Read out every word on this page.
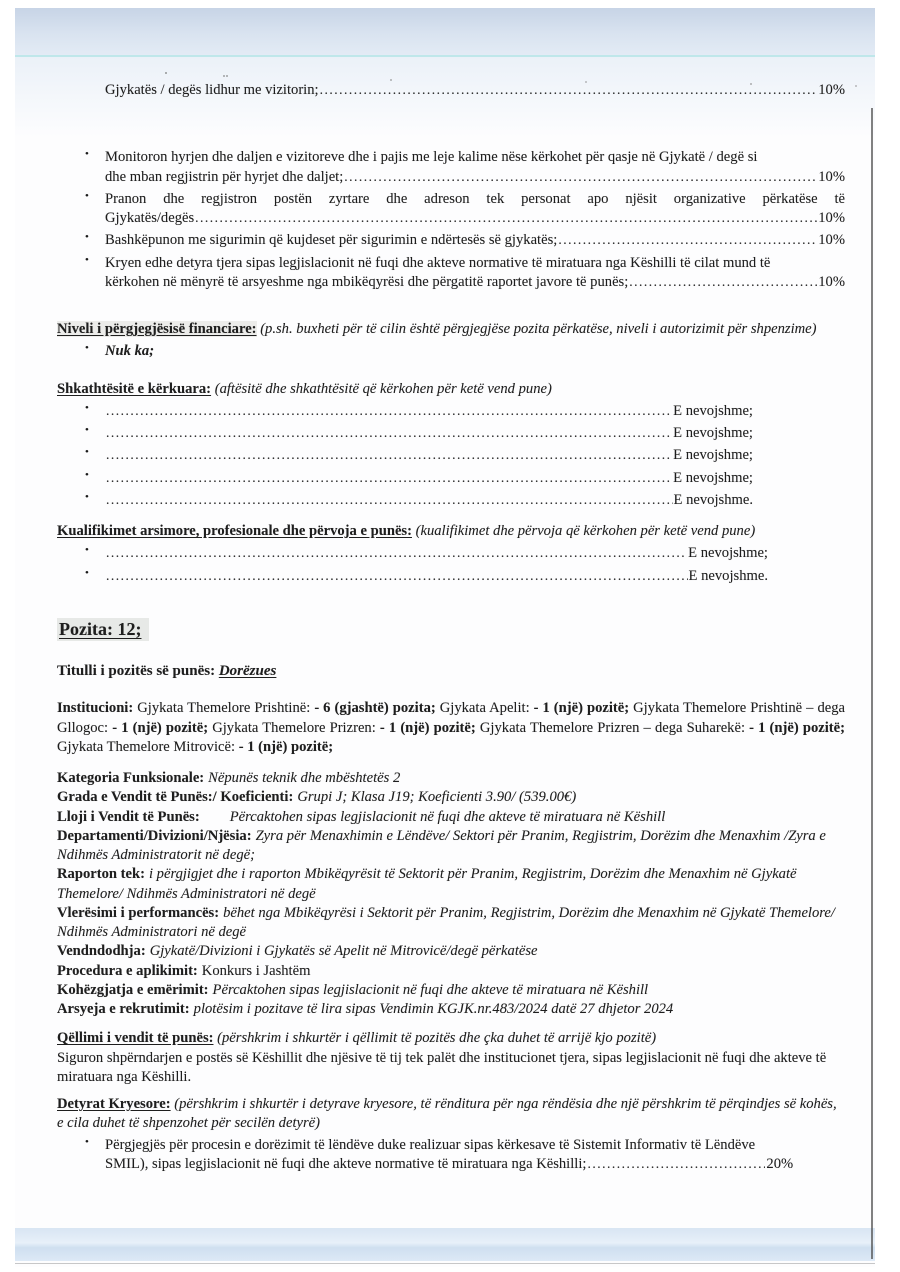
Gjykatës / degës lidhur me vizitorin; .....	10%
•	Monitoron hyrjen dhe daljen e vizitoreve dhe i pajis me leje kalime nëse kërkohet për qasje në Gjykatë / degë si
dhe mban regjistrin për hyrjet dhe daljet; .....	10%
•	Pranon dhe regjistron postën zyrtare dhe adreson tek personat apo njësit organizative përkatëse të
Gjykatës/degës .....	10%
•	Bashkëpunon me sigurimin që kujdeset për sigurimin e ndërtesës së gjykatës; .....	10%
•	Kryen edhe detyra tjera sipas legjislacionit në fuqi dhe akteve normative të miratuara nga Këshilli të cilat mund të
kërkohen në mënyrë të arsyeshme nga mbikëqyrësi dhe përgatitë raportet javore të punës; .....	10%

Niveli i përgjegjësisë financiare: (p.sh. buxheti për të cilin është përgjegjëse pozita përkatëse, niveli i autorizimit për shpenzime)

•	Nuk ka;

Shkathtësitë e kërkuara: (aftësitë dhe shkathtësitë që kërkohen për ketë vend pune)

• .....	E nevojshme;
• .....	E nevojshme;
• .....	E nevojshme;
• .....	E nevojshme;
• .....	E nevojshme.

Kualifikimet arsimore, profesionale dhe përvoja e punës: (kualifikimet dhe përvoja që kërkohen për ketë vend pune)

• .....	E nevojshme;
• .....	E nevojshme.

Pozita: 12;

Titulli i pozitës së punës: Dorëzues

Institucioni: Gjykata Themelore Prishtinë: - 6 (gjashtë) pozita; Gjykata Apelit: - 1 (një) pozitë; Gjykata Themelore Prishtinë – dega Gllogoc: - 1 (një) pozitë; Gjykata Themelore Prizren: - 1 (një) pozitë; Gjykata Themelore Prizren – dega Suharekë: - 1 (një) pozitë; Gjykata Themelore Mitrovicë: - 1 (një) pozitë;

Kategoria Funksionale: Nëpunës teknik dhe mbështetës 2
Grada e Vendit të Punës:/ Koeficienti: Grupi J; Klasa J19; Koeficienti 3.90/ (539.00€)
Lloji i Vendit të Punës: Përcaktohen sipas legjislacionit në fuqi dhe akteve të miratuara në Këshill
Departamenti/Divizioni/Njësia: Zyra për Menaxhimin e Lëndëve/ Sektori për Pranim, Regjistrim, Dorëzim dhe Menaxhim /Zyra e Ndihmës Administratorit në degë;
Raporton tek: i përgjigjet dhe i raporton Mbikëqyrësit të Sektorit për Pranim, Regjistrim, Dorëzim dhe Menaxhim në Gjykatë Themelore/ Ndihmës Administratori në degë
Vlerësimi i performancës: bëhet nga Mbikëqyrësi i Sektorit për Pranim, Regjistrim, Dorëzim dhe Menaxhim në Gjykatë Themelore/ Ndihmës Administratori në degë
Vendndodhja: Gjykatë/Divizioni i Gjykatës së Apelit në Mitrovicë/degë përkatëse
Procedura e aplikimit: Konkurs i Jashtëm
Kohëzgjatja e emërimit: Përcaktohen sipas legjislacionit në fuqi dhe akteve të miratuara në Këshill
Arsyeja e rekrutimit: plotësim i pozitave të lira sipas Vendimin KGJK.nr.483/2024 datë 27 dhjetor 2024

Qëllimi i vendit të punës: (përshkrim i shkurtër i qëllimit të pozitës dhe çka duhet të arrijë kjo pozitë)

Siguron shpërndarjen e postës së Këshillit dhe njësive të tij tek palët dhe institucionet tjera, sipas legjislacionit në fuqi dhe akteve të miratuara nga Këshilli.

Detyrat Kryesore: (përshkrim i shkurtër i detyrave kryesore, të rënditura për nga rëndësia dhe një përshkrim të përqindjes së kohës, e cila duhet të shpenzohet për secilën detyrë)

•	Përgjegjës për procesin e dorëzimit të lëndëve duke realizuar sipas kërkesave të Sistemit Informativ të Lëndëve
SMIL), sipas legjislacionit në fuqi dhe akteve normative të miratuara nga Këshilli; .....	20%
